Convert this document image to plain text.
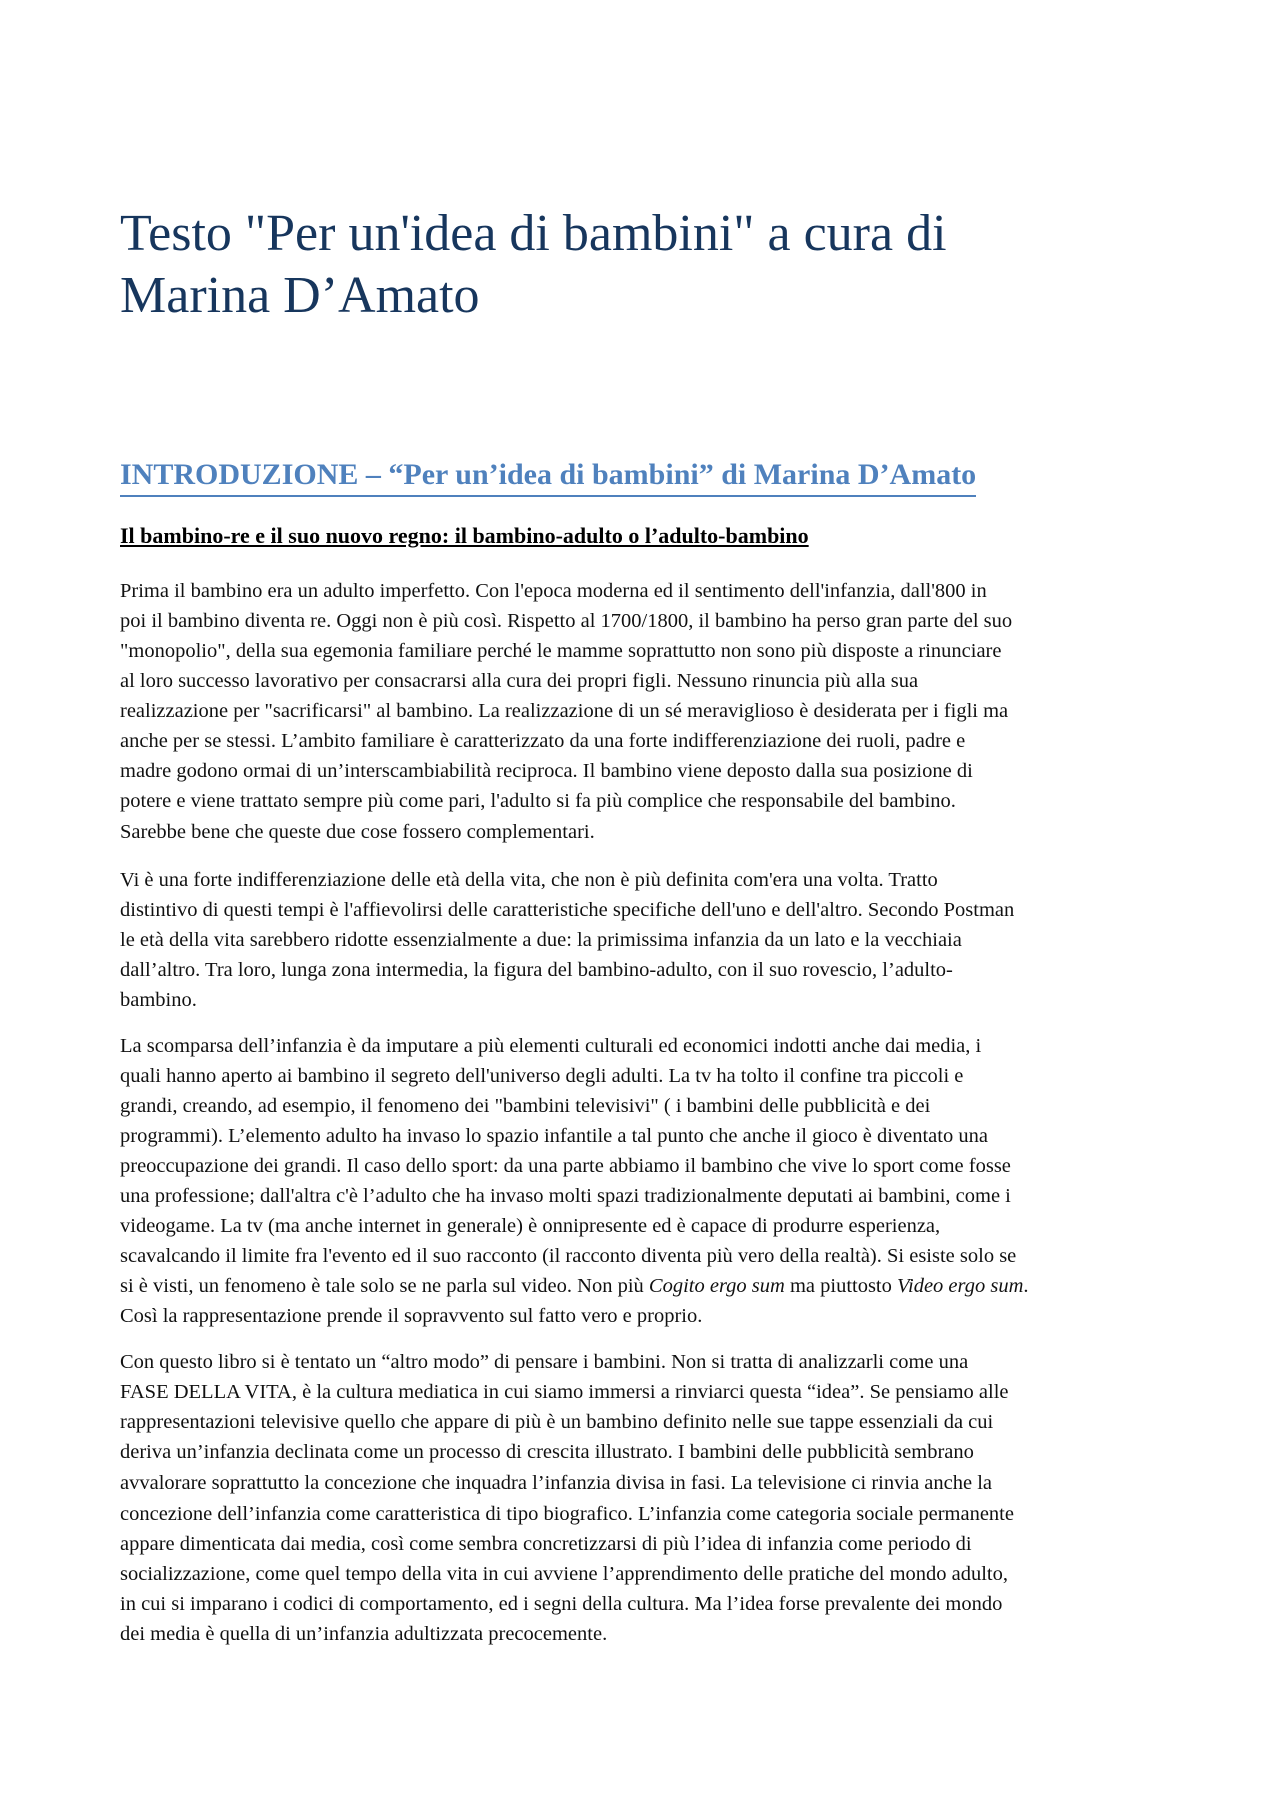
Testo "Per un'idea di bambini" a cura di
Marina D’Amato
INTRODUZIONE – “Per un’idea di bambini” di Marina D’Amato
Il bambino-re e il suo nuovo regno: il bambino-adulto o l’adulto-bambino

Prima il bambino era un adulto imperfetto. Con l'epoca moderna ed il sentimento dell'infanzia, dall'800 in
poi il bambino diventa re. Oggi non è più così. Rispetto al 1700/1800, il bambino ha perso gran parte del suo
"monopolio", della sua egemonia familiare perché le mamme soprattutto non sono più disposte a rinunciare
al loro successo lavorativo per consacrarsi alla cura dei propri figli. Nessuno rinuncia più alla sua
realizzazione per "sacrificarsi" al bambino. La realizzazione di un sé meraviglioso è desiderata per i figli ma
anche per se stessi. L’ambito familiare è caratterizzato da una forte indifferenziazione dei ruoli, padre e
madre godono ormai di un’interscambiabilità reciproca. Il bambino viene deposto dalla sua posizione di
potere e viene trattato sempre più come pari, l'adulto si fa più complice che responsabile del bambino.
Sarebbe bene che queste due cose fossero complementari.

Vi è una forte indifferenziazione delle età della vita, che non è più definita com'era una volta. Tratto
distintivo di questi tempi è l'affievolirsi delle caratteristiche specifiche dell'uno e dell'altro. Secondo Postman
le età della vita sarebbero ridotte essenzialmente a due: la primissima infanzia da un lato e la vecchiaia
dall’altro. Tra loro, lunga zona intermedia, la figura del bambino-adulto, con il suo rovescio, l’adulto-
bambino.

La scomparsa dell’infanzia è da imputare a più elementi culturali ed economici indotti anche dai media, i
quali hanno aperto ai bambino il segreto dell'universo degli adulti. La tv ha tolto il confine tra piccoli e
grandi, creando, ad esempio, il fenomeno dei "bambini televisivi" ( i bambini delle pubblicità e dei
programmi). L’elemento adulto ha invaso lo spazio infantile a tal punto che anche il gioco è diventato una
preoccupazione dei grandi. Il caso dello sport: da una parte abbiamo il bambino che vive lo sport come fosse
una professione; dall'altra c'è l’adulto che ha invaso molti spazi tradizionalmente deputati ai bambini, come i
videogame. La tv (ma anche internet in generale) è onnipresente ed è capace di produrre esperienza,
scavalcando il limite fra l'evento ed il suo racconto (il racconto diventa più vero della realtà). Si esiste solo se
si è visti, un fenomeno è tale solo se ne parla sul video. Non più Cogito ergo sum ma piuttosto Video ergo sum.
Così la rappresentazione prende il sopravvento sul fatto vero e proprio.

Con questo libro si è tentato un “altro modo” di pensare i bambini. Non si tratta di analizzarli come una
FASE DELLA VITA, è la cultura mediatica in cui siamo immersi a rinviarci questa “idea”. Se pensiamo alle
rappresentazioni televisive quello che appare di più è un bambino definito nelle sue tappe essenziali da cui
deriva un’infanzia declinata come un processo di crescita illustrato. I bambini delle pubblicità sembrano
avvalorare soprattutto la concezione che inquadra l’infanzia divisa in fasi. La televisione ci rinvia anche la
concezione dell’infanzia come caratteristica di tipo biografico. L’infanzia come categoria sociale permanente
appare dimenticata dai media, così come sembra concretizzarsi di più l’idea di infanzia come periodo di
socializzazione, come quel tempo della vita in cui avviene l’apprendimento delle pratiche del mondo adulto,
in cui si imparano i codici di comportamento, ed i segni della cultura. Ma l’idea forse prevalente dei mondo
dei media è quella di un’infanzia adultizzata precocemente.
